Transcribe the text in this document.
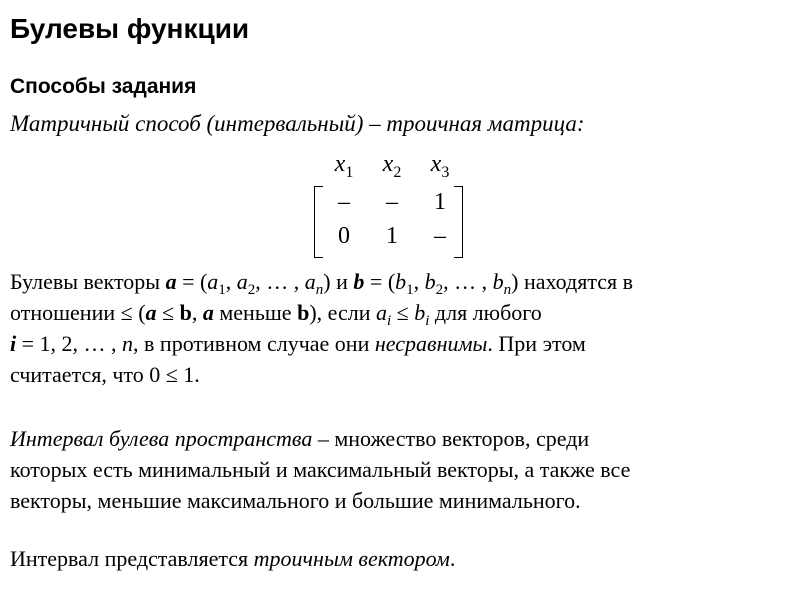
Булевы функции
Способы задания
Матричный способ (интервальный) – троичная матрица:
$x_1$	$x_2$	$x_3$
–	–	1
0	1	–
Булевы векторы $a = (a_1$, $a_2$, … , $a_n$) и $b = (b_1$, $b_2$, … , $b_n$) находятся в
отношении ≤ (a ≤ b, a меньше b), если $a_i \le b_i$ для любого
i = 1, 2, … , n, в противном случае они несравнимы. При этом
считается, что 0 ≤ 1.
Интервал булева пространства – множество векторов, среди
которых есть минимальный и максимальный векторы, а также все
векторы, меньшие максимального и большие минимального.
Интервал представляется троичным вектором.
